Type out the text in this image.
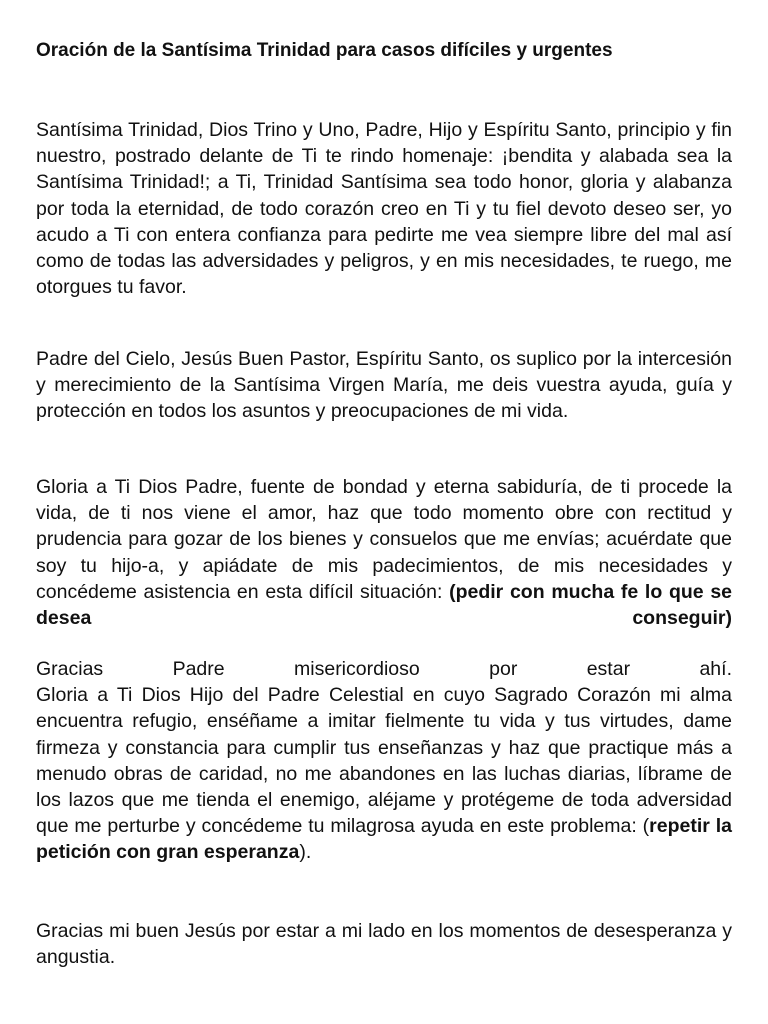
Oración de la Santísima Trinidad para casos difíciles y urgentes

Santísima Trinidad, Dios Trino y Uno, Padre, Hijo y Espíritu Santo, principio y fin nuestro, postrado delante de Ti te rindo homenaje: ¡bendita y alabada sea la Santísima Trinidad!; a Ti, Trinidad Santísima sea todo honor, gloria y alabanza por toda la eternidad, de todo corazón creo en Ti y tu fiel devoto deseo ser, yo acudo a Ti con entera confianza para pedirte me vea siempre libre del mal así como de todas las adversidades y peligros, y en mis necesidades, te ruego, me otorgues tu favor.

Padre del Cielo, Jesús Buen Pastor, Espíritu Santo, os suplico por la intercesión y merecimiento de la Santísima Virgen María, me deis vuestra ayuda, guía y protección en todos los asuntos y preocupaciones de mi vida.

Gloria a Ti Dios Padre, fuente de bondad y eterna sabiduría, de ti procede la vida, de ti nos viene el amor, haz que todo momento obre con rectitud y prudencia para gozar de los bienes y consuelos que me envías; acuérdate que soy tu hijo-a, y apiádate de mis padecimientos, de mis necesidades y concédeme asistencia en esta difícil situación: (pedir con mucha fe lo que se desea conseguir)

Gracias Padre misericordioso por estar ahí.
Gloria a Ti Dios Hijo del Padre Celestial en cuyo Sagrado Corazón mi alma encuentra refugio, enséñame a imitar fielmente tu vida y tus virtudes, dame firmeza y constancia para cumplir tus enseñanzas y haz que practique más a menudo obras de caridad, no me abandones en las luchas diarias, líbrame de los lazos que me tienda el enemigo, aléjame y protégeme de toda adversidad que me perturbe y concédeme tu milagrosa ayuda en este problema: (repetir la petición con gran esperanza).

Gracias mi buen Jesús por estar a mi lado en los momentos de desesperanza y angustia.
